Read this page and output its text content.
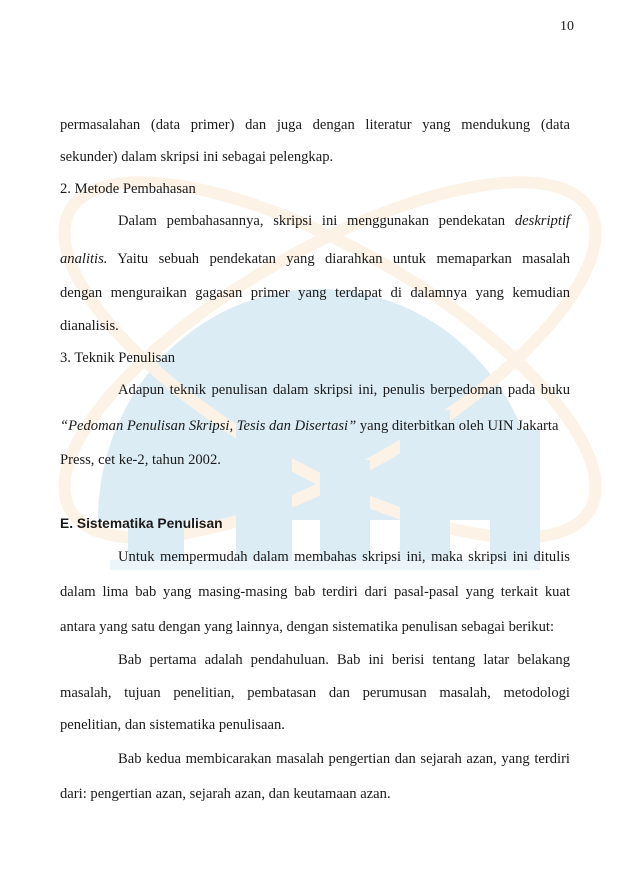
10
permasalahan (data primer) dan juga dengan literatur yang mendukung (data
sekunder) dalam skripsi ini sebagai pelengkap.
2. Metode Pembahasan
Dalam pembahasannya, skripsi ini menggunakan pendekatan deskriptif
analitis. Yaitu sebuah pendekatan yang diarahkan untuk memaparkan masalah
dengan menguraikan gagasan primer yang terdapat di dalamnya yang kemudian
dianalisis.
3. Teknik Penulisan
Adapun teknik penulisan dalam skripsi ini, penulis berpedoman pada buku
“Pedoman Penulisan Skripsi, Tesis dan Disertasi” yang diterbitkan oleh UIN Jakarta
Press, cet ke-2, tahun 2002.
E. Sistematika Penulisan
Untuk mempermudah dalam membahas skripsi ini, maka skripsi ini ditulis
dalam lima bab yang masing-masing bab terdiri dari pasal-pasal yang terkait kuat
antara yang satu dengan yang lainnya, dengan sistematika penulisan sebagai berikut:
Bab pertama adalah pendahuluan. Bab ini berisi tentang latar belakang
masalah, tujuan penelitian, pembatasan dan perumusan masalah, metodologi
penelitian, dan sistematika penulisaan.
Bab kedua membicarakan masalah pengertian dan sejarah azan, yang terdiri
dari: pengertian azan, sejarah azan, dan keutamaan azan.
